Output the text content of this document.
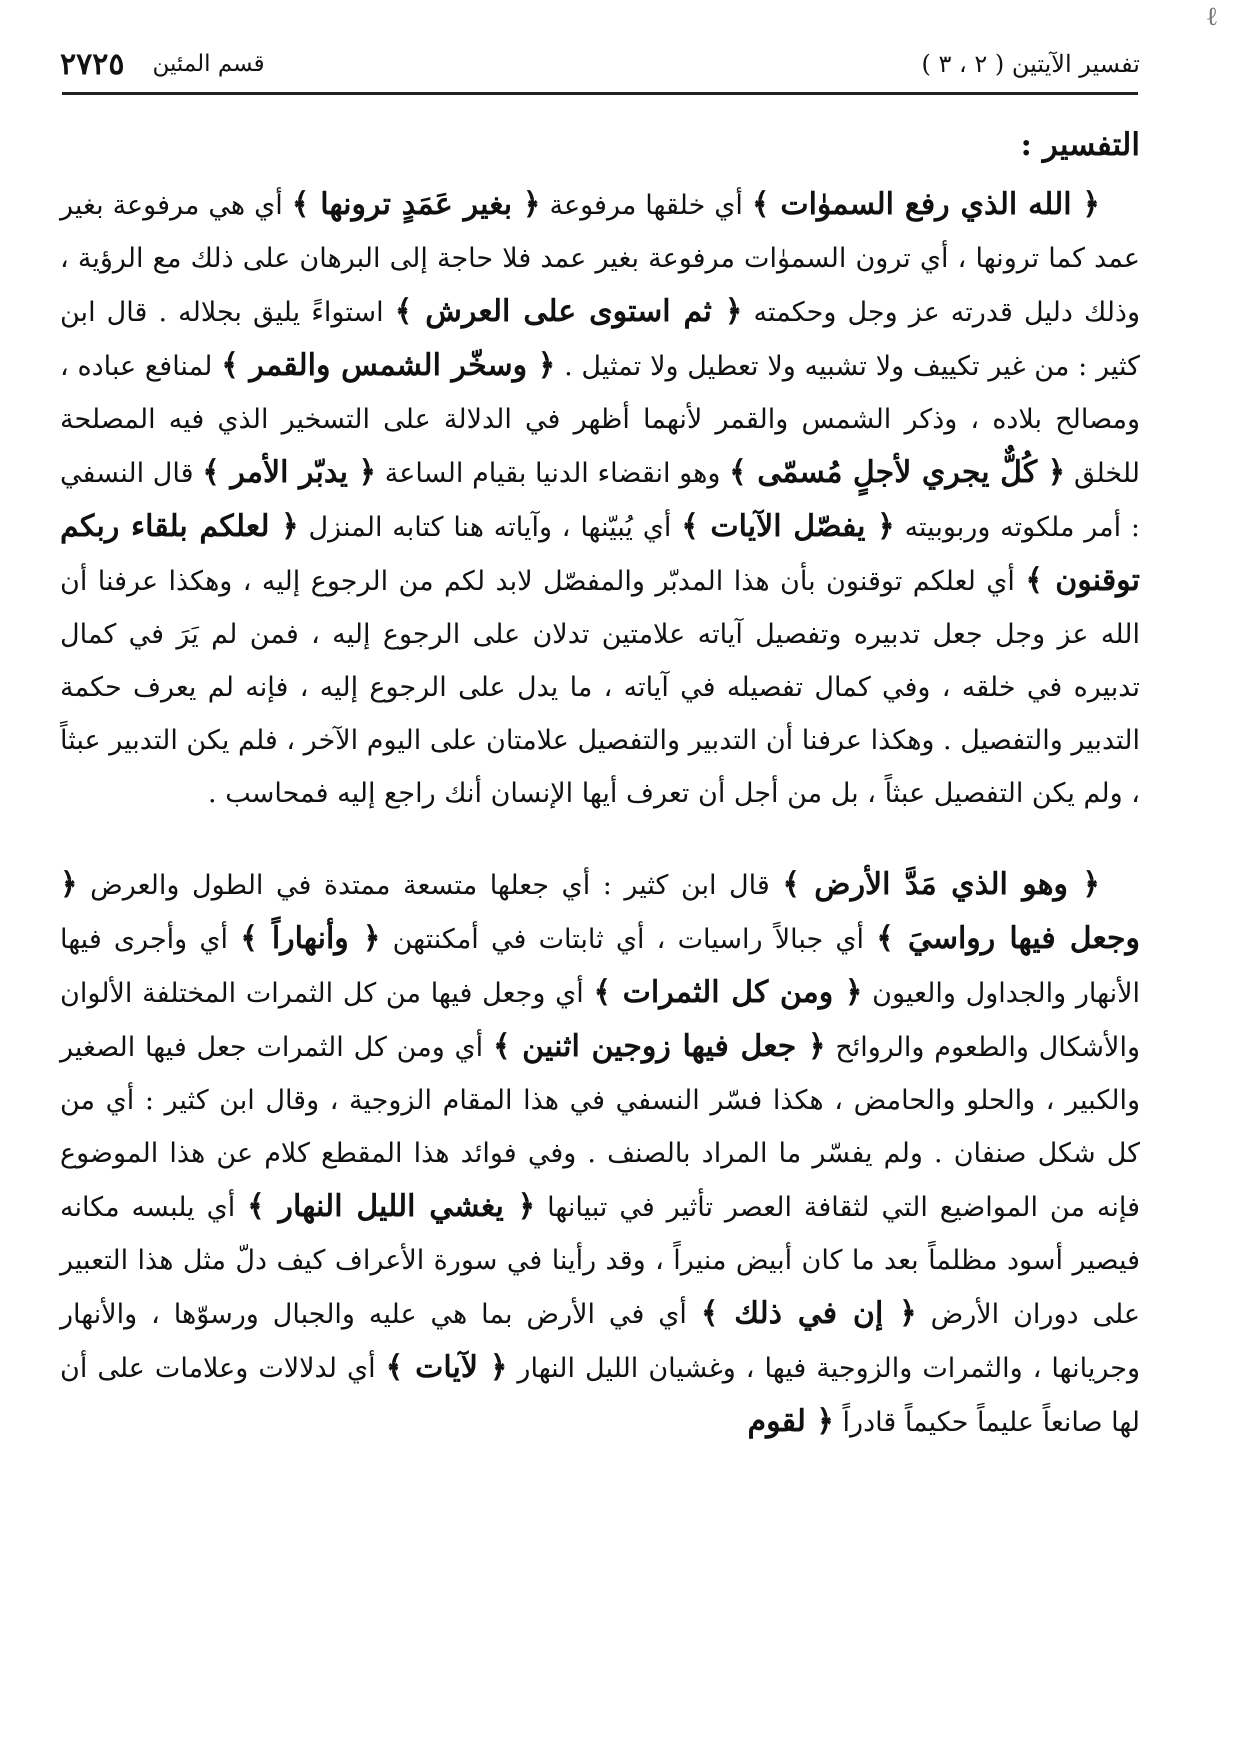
ℓ
تفسير الآيتين ( ٢ ، ٣ )
قسم المئين
٢٧٢٥
التفسير :

﴿ الله الذي رفع السموٰات ﴾ أي خلقها مرفوعة ﴿ بغير عَمَدٍ ترونها ﴾ أي هي مرفوعة بغير عمد كما ترونها ، أي ترون السموٰات مرفوعة بغير عمد فلا حاجة إلى البرهان على ذلك مع الرؤية ، وذلك دليل قدرته عز وجل وحكمته ﴿ ثم استوى على العرش ﴾ استواءً يليق بجلاله . قال ابن كثير : من غير تكييف ولا تشبيه ولا تعطيل ولا تمثيل . ﴿ وسخّر الشمس والقمر ﴾ لمنافع عباده ، ومصالح بلاده ، وذكر الشمس والقمر لأنهما أظهر في الدلالة على التسخير الذي فيه المصلحة للخلق ﴿ كُلٌّ يجري لأجلٍ مُسمّى ﴾ وهو انقضاء الدنيا بقيام الساعة ﴿ يدبّر الأمر ﴾ قال النسفي : أمر ملكوته وربوبيته ﴿ يفصّل الآيات ﴾ أي يُبيّنها ، وآياته هنا كتابه المنزل ﴿ لعلكم بلقاء ربكم توقنون ﴾ أي لعلكم توقنون بأن هذا المدبّر والمفصّل لابد لكم من الرجوع إليه ، وهكذا عرفنا أن الله عز وجل جعل تدبيره وتفصيل آياته علامتين تدلان على الرجوع إليه ، فمن لم يَرَ في كمال تدبيره في خلقه ، وفي كمال تفصيله في آياته ، ما يدل على الرجوع إليه ، فإنه لم يعرف حكمة التدبير والتفصيل . وهكذا عرفنا أن التدبير والتفصيل علامتان على اليوم الآخر ، فلم يكن التدبير عبثاً ، ولم يكن التفصيل عبثاً ، بل من أجل أن تعرف أيها الإنسان أنك راجع إليه فمحاسب .

﴿ وهو الذي مَدَّ الأرض ﴾ قال ابن كثير : أي جعلها متسعة ممتدة في الطول والعرض ﴿ وجعل فيها رواسيَ ﴾ أي جبالاً راسيات ، أي ثابتات في أمكنتهن ﴿ وأنهاراً ﴾ أي وأجرى فيها الأنهار والجداول والعيون ﴿ ومن كل الثمرات ﴾ أي وجعل فيها من كل الثمرات المختلفة الألوان والأشكال والطعوم والروائح ﴿ جعل فيها زوجين اثنين ﴾ أي ومن كل الثمرات جعل فيها الصغير والكبير ، والحلو والحامض ، هكذا فسّر النسفي في هذا المقام الزوجية ، وقال ابن كثير : أي من كل شكل صنفان . ولم يفسّر ما المراد بالصنف . وفي فوائد هذا المقطع كلام عن هذا الموضوع فإنه من المواضيع التي لثقافة العصر تأثير في تبيانها ﴿ يغشي الليل النهار ﴾ أي يلبسه مكانه فيصير أسود مظلماً بعد ما كان أبيض منيراً ، وقد رأينا في سورة الأعراف كيف دلّ مثل هذا التعبير على دوران الأرض ﴿ إن في ذلك ﴾ أي في الأرض بما هي عليه والجبال ورسوّها ، والأنهار وجريانها ، والثمرات والزوجية فيها ، وغشيان الليل النهار ﴿ لآيات ﴾ أي لدلالات وعلامات على أن لها صانعاً عليماً حكيماً قادراً ﴿ لقوم
